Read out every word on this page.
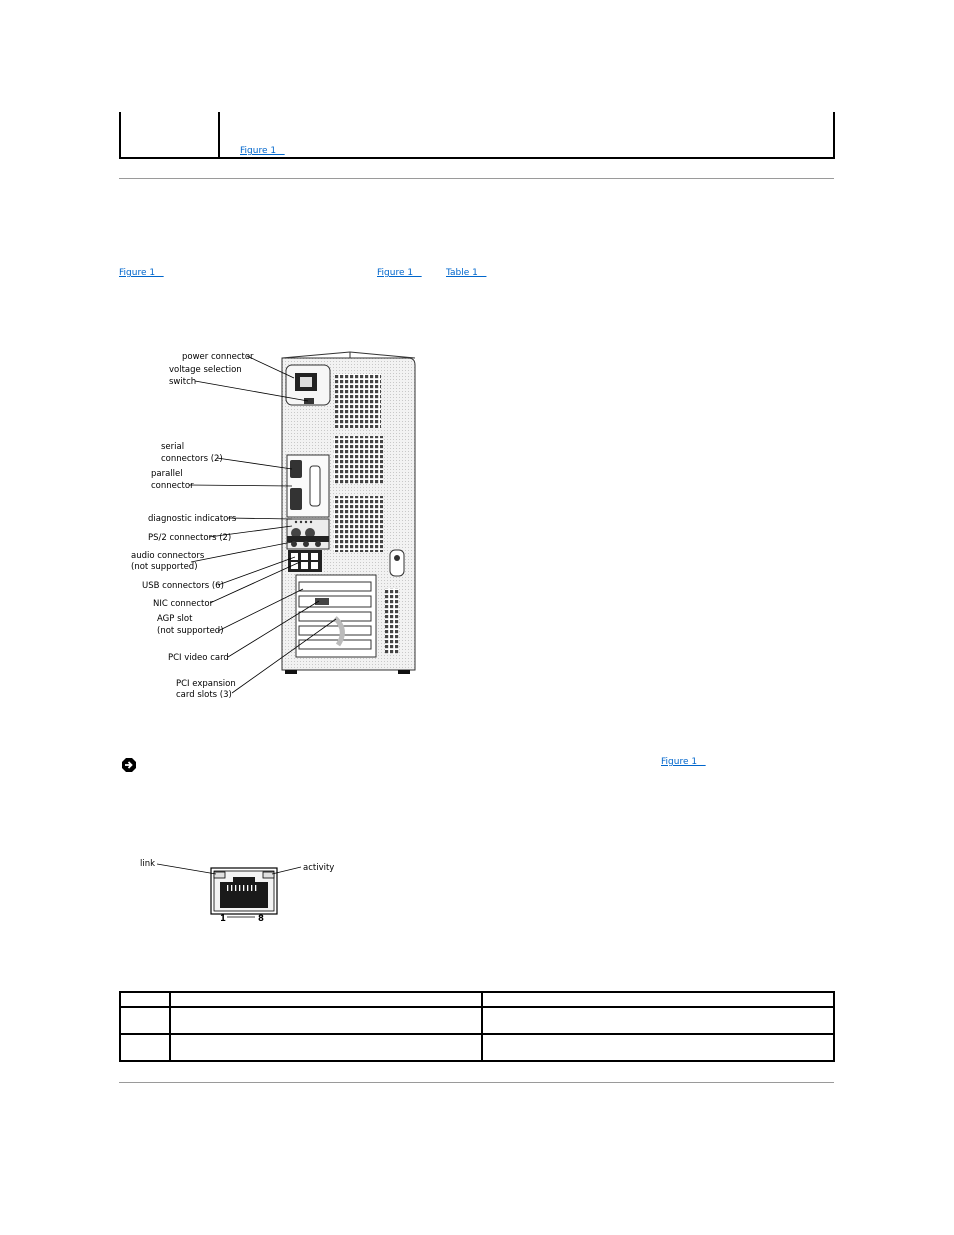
Figure 1
Figure 1	Figure 1	Table 1
power connector
voltage selection
switch
serial
connectors (2)
parallel
connector
diagnostic indicators
PS/2 connectors (2)
audio connectors
(not supported)
USB connectors (6)
NIC connector
AGP slot
(not supported)
PCI video card
PCI expansion
card slots (3)
Figure 1
link	activity
1	8
